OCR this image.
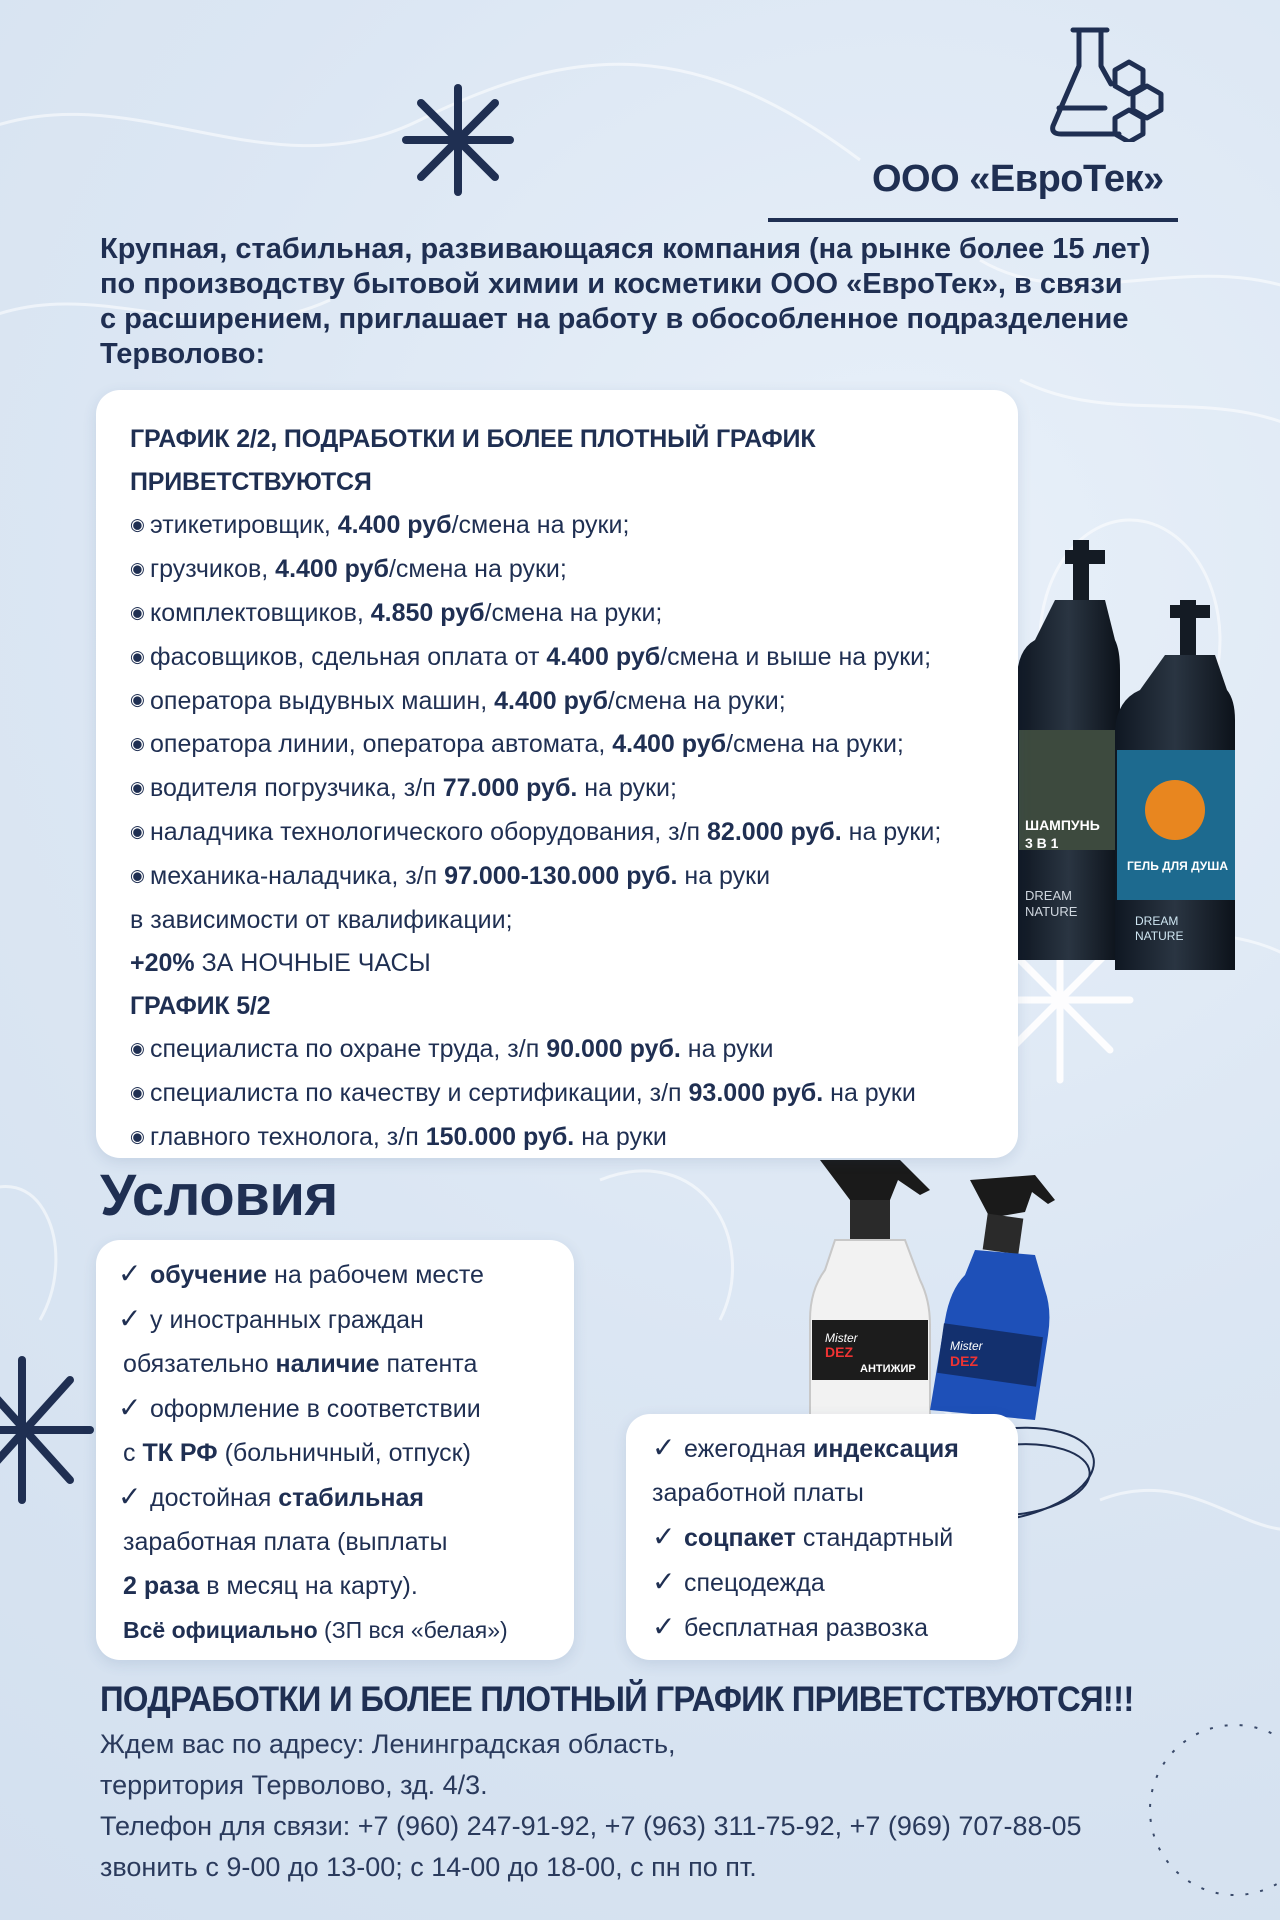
ООО «ЕвроТек»
Крупная, стабильная, развивающаяся компания (на рынке более 15 лет)
по производству бытовой химии и косметики ООО «ЕвроТек», в связи
с расширением, приглашает на работу в обособленное подразделение
Терволово:
ШАМПУНЬ
3 В 1
DREAM
NATURE
ГЕЛЬ ДЛЯ ДУША
DREAM
NATURE
Mister
DEZ
АНТИЖИР
Mister
DEZ
ГРАФИК 2/2, ПОДРАБОТКИ И БОЛЕЕ ПЛОТНЫЙ ГРАФИК
ПРИВЕТСТВУЮТСЯ
◉ этикетировщик, 4.400 руб/смена на руки;
◉ грузчиков, 4.400 руб/смена на руки;
◉ комплектовщиков, 4.850 руб/смена на руки;
◉ фасовщиков, сдельная оплата от 4.400 руб/смена и выше на руки;
◉ оператора выдувных машин, 4.400 руб/смена на руки;
◉ оператора линии, оператора автомата, 4.400 руб/смена на руки;
◉ водителя погрузчика, з/п 77.000 руб. на руки;
◉ наладчика технологического оборудования, з/п 82.000 руб. на руки;
◉ механика-наладчика, з/п 97.000-130.000 руб. на руки
в зависимости от квалификации;
+20% ЗА НОЧНЫЕ ЧАСЫ
ГРАФИК 5/2
◉ специалиста по охране труда, з/п 90.000 руб. на руки
◉ специалиста по качеству и сертификации, з/п 93.000 руб. на руки
◉ главного технолога, з/п 150.000 руб. на руки
Условия
✓ обучение на рабочем месте
✓ у иностранных граждан
обязательно наличие патента
✓ оформление в соответствии
с ТК РФ (больничный, отпуск)
✓ достойная стабильная
заработная плата (выплаты
2 раза в месяц на карту).
Всё официально (ЗП вся «белая»)
✓ ежегодная индексация
заработной платы
✓ соцпакет стандартный
✓ спецодежда
✓ бесплатная развозка
ПОДРАБОТКИ И БОЛЕЕ ПЛОТНЫЙ ГРАФИК ПРИВЕТСТВУЮТСЯ!!!
Ждем вас по адресу: Ленинградская область,
территория Терволово, зд. 4/3.
Телефон для связи: +7 (960) 247-91-92, +7 (963) 311-75-92, +7 (969) 707-88-05
звонить с 9-00 до 13-00; с 14-00 до 18-00, с пн по пт.
